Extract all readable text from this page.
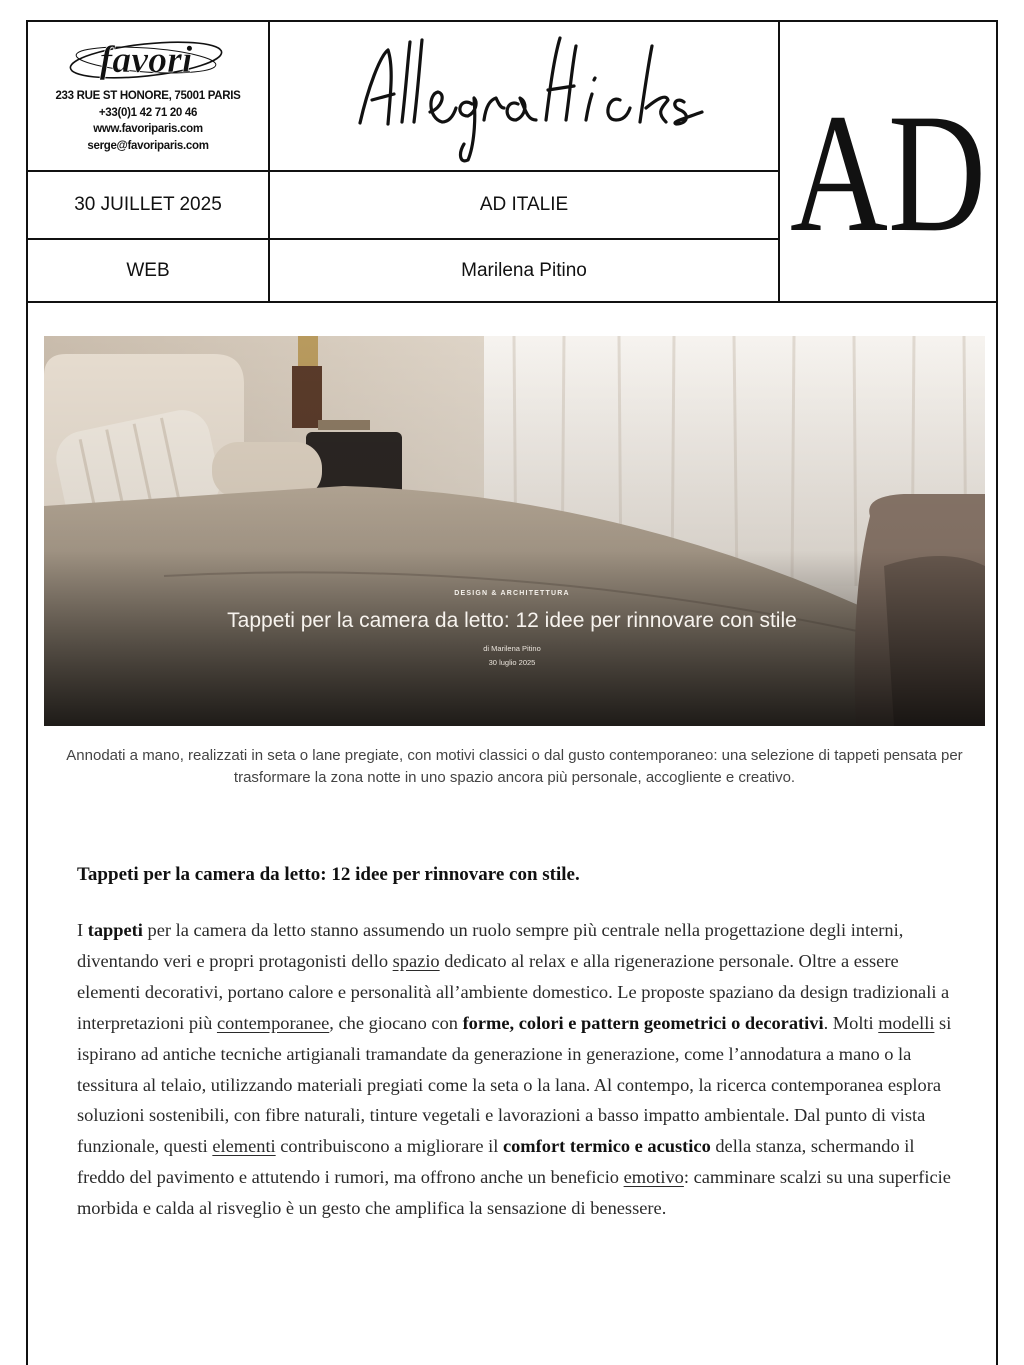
favori
233 RUE ST HONORE, 75001 PARIS
+33(0)1 42 71 20 46
www.favoriparis.com
serge@favoriparis.com	AD
30 JUILLET 2025	AD ITALIE
WEB	Marilena Pitino
DESIGN & ARCHITETTURA
Tappeti per la camera da letto: 12 idee per rinnovare con stile
di Marilena Pitino
30 luglio 2025
Annodati a mano, realizzati in seta o lane pregiate, con motivi classici o dal gusto contemporaneo: una selezione di tappeti pensata per trasformare la zona notte in uno spazio ancora più personale, accogliente e creativo.
Tappeti per la camera da letto: 12 idee per rinnovare con stile.
I tappeti per la camera da letto stanno assumendo un ruolo sempre più centrale nella progettazione degli interni, diventando veri e propri protagonisti dello spazio dedicato al relax e alla rigenerazione personale. Oltre a essere elementi decorativi, portano calore e personalità all’ambiente domestico. Le proposte spaziano da design tradizionali a interpretazioni più contemporanee, che giocano con forme, colori e pattern geometrici o decorativi. Molti modelli si ispirano ad antiche tecniche artigianali tramandate da generazione in generazione, come l’annodatura a mano o la tessitura al telaio, utilizzando materiali pregiati come la seta o la lana. Al contempo, la ricerca contemporanea esplora soluzioni sostenibili, con fibre naturali, tinture vegetali e lavorazioni a basso impatto ambientale. Dal punto di vista funzionale, questi elementi contribuiscono a migliorare il comfort termico e acustico della stanza, schermando il freddo del pavimento e attutendo i rumori, ma offrono anche un beneficio emotivo: camminare scalzi su una superficie morbida e calda al risveglio è un gesto che amplifica la sensazione di benessere.
